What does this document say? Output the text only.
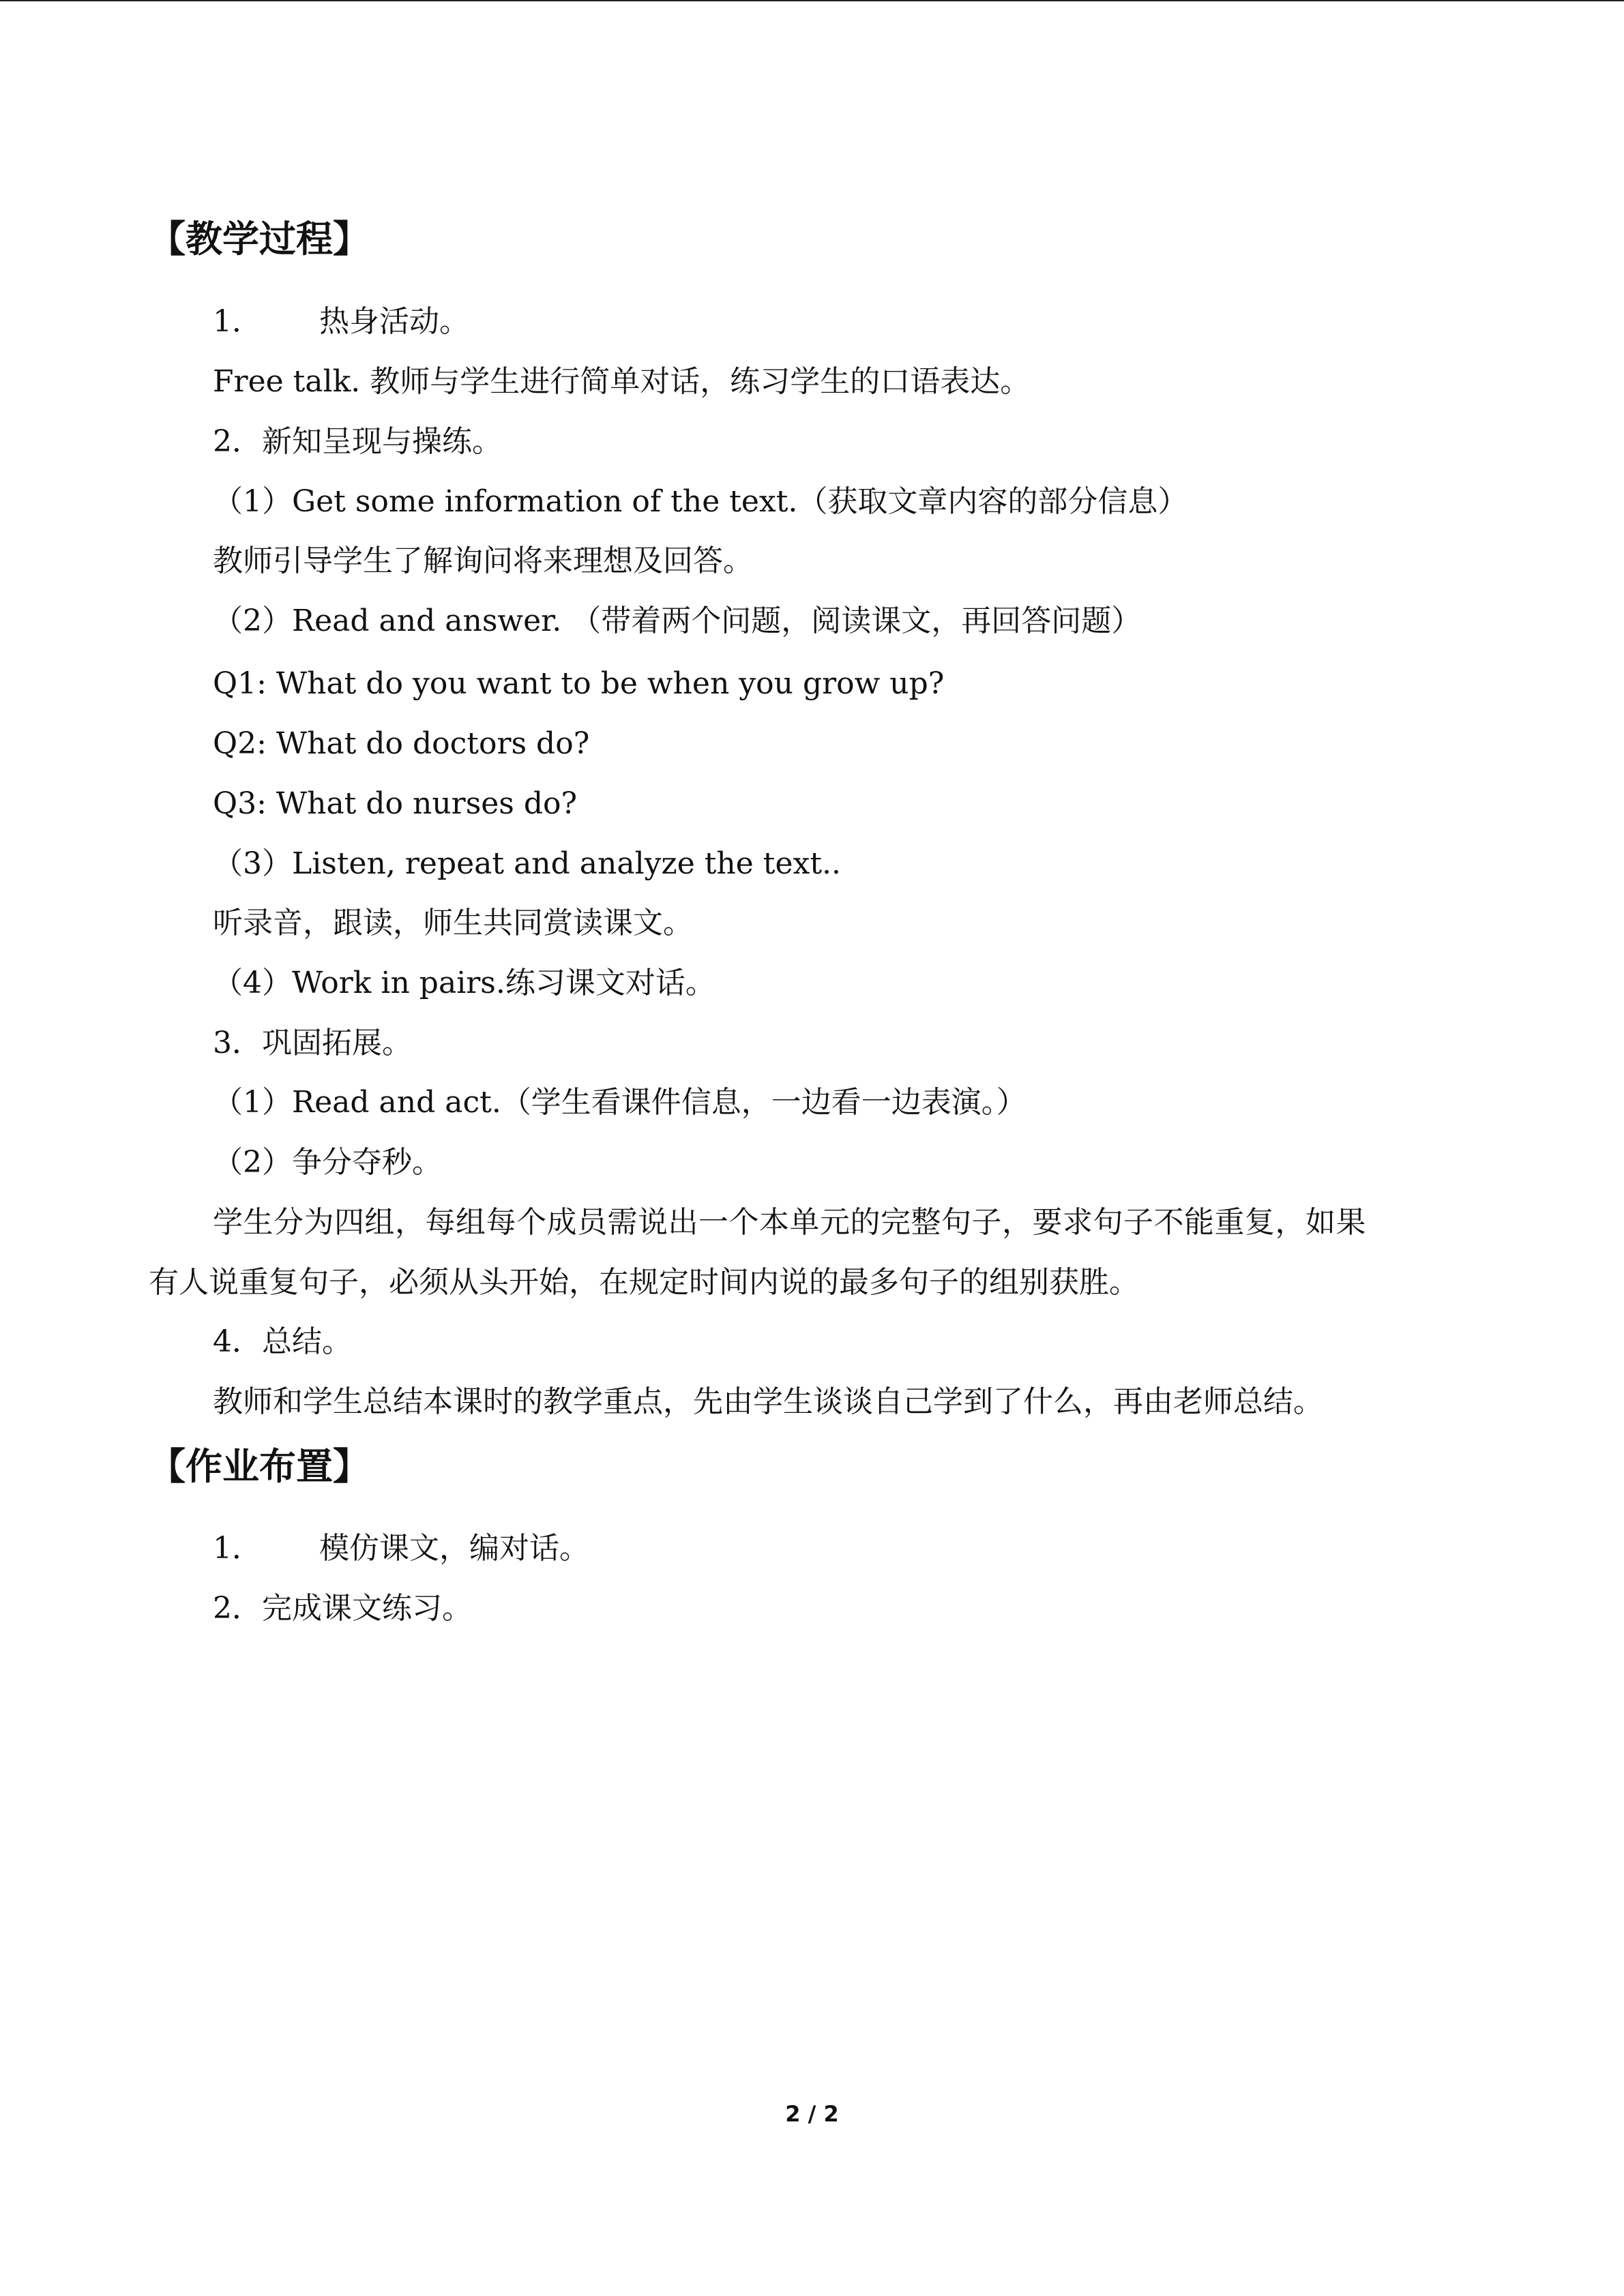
【教学过程】
1． 热身活动。
Free talk. 教师与学生进行简单对话，练习学生的口语表达。
2．新知呈现与操练。
（1）Get some information of the text.（获取文章内容的部分信息）
教师引导学生了解询问将来理想及回答。
（2）Read and answer. （带着两个问题，阅读课文，再回答问题）
Q1: What do you want to be when you grow up?
Q2: What do doctors do?
Q3: What do nurses do?
（3）Listen, repeat and analyze the text..
听录音，跟读，师生共同赏读课文。
（4）Work in pairs.练习课文对话。
3．巩固拓展。
（1）Read and act.（学生看课件信息，一边看一边表演。）
（2）争分夺秒。
学生分为四组，每组每个成员需说出一个本单元的完整句子，要求句子不能重复，如果
有人说重复句子，必须从头开始，在规定时间内说的最多句子的组别获胜。
4．总结。
教师和学生总结本课时的教学重点，先由学生谈谈自己学到了什么，再由老师总结。
【作业布置】
1． 模仿课文，编对话。
2．完成课文练习。
2 / 2
